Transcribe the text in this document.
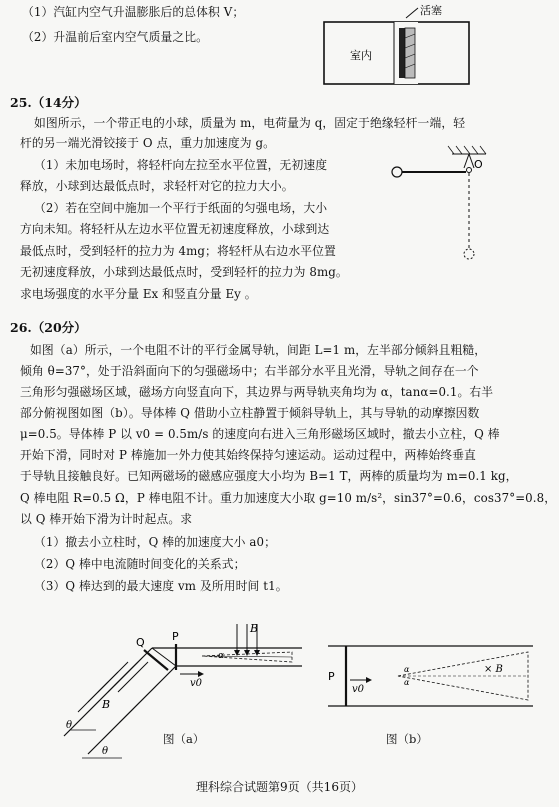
（1）汽缸内空气升温膨胀后的总体积 V；
（2）升温前后室内空气质量之比。
活塞
室内
25.（14分）
如图所示，一个带正电的小球，质量为 m，电荷量为 q，固定于绝缘轻杆一端，轻
杆的另一端光滑铰接于 O 点，重力加速度为 g。
（1）未加电场时，将轻杆向左拉至水平位置，无初速度
释放，小球到达最低点时，求轻杆对它的拉力大小。
（2）若在空间中施加一个平行于纸面的匀强电场，大小
方向未知。将轻杆从左边水平位置无初速度释放，小球到达
最低点时，受到轻杆的拉力为 4mg；将轻杆从右边水平位置
无初速度释放，小球到达最低点时，受到轻杆的拉力为 8mg。
求电场强度的水平分量 Ex 和竖直分量 Ey 。
O
26.（20分）
如图（a）所示，一个电阻不计的平行金属导轨，间距 L=1 m，左半部分倾斜且粗糙，
倾角 θ=37°，处于沿斜面向下的匀强磁场中；右半部分水平且光滑，导轨之间存在一个
三角形匀强磁场区域，磁场方向竖直向下，其边界与两导轨夹角均为 α，tanα=0.1。右半
部分俯视图如图（b）。导体棒 Q 借助小立柱静置于倾斜导轨上，其与导轨的动摩擦因数
μ=0.5。导体棒 P 以 v0 = 0.5m/s 的速度向右进入三角形磁场区域时，撤去小立柱，Q 棒
开始下滑，同时对 P 棒施加一外力使其始终保持匀速运动。运动过程中，两棒始终垂直
于导轨且接触良好。已知两磁场的磁感应强度大小均为 B=1 T，两棒的质量均为 m=0.1 kg，
Q 棒电阻 R=0.5 Ω，P 棒电阻不计。重力加速度大小取 g=10 m/s²，sin37°=0.6，cos37°=0.8，
以 Q 棒开始下滑为计时起点。求
（1）撤去小立柱时，Q 棒的加速度大小 a0；
（2）Q 棒中电流随时间变化的关系式；
（3）Q 棒达到的最大速度 vm 及所用时间 t1。
Q P
v0
B
B
α
θ
θ
图（a）
P
v0
α
α
× B
图（b）
理科综合试题第9页（共16页）
